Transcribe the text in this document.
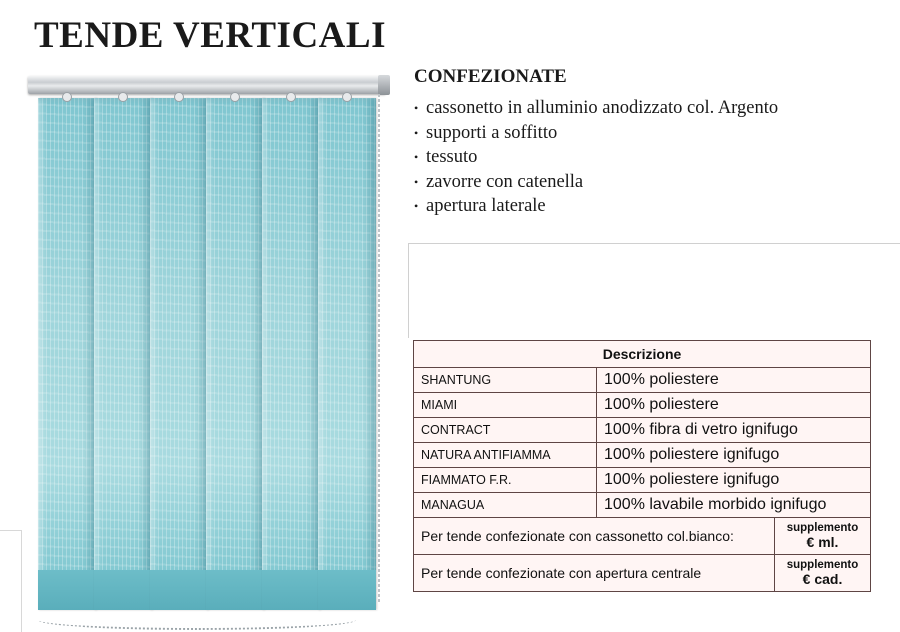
TENDE VERTICALI
CONFEZIONATE
• cassonetto in alluminio anodizzato col. Argento
• supporti a soffitto
• tessuto
• zavorre con catenella
• apertura laterale
Descrizione		
SHANTUNG	100% poliestere	
MIAMI	100% poliestere	
CONTRACT	100% fibra di vetro ignifugo	
NATURA ANTIFIAMMA	100% poliestere ignifugo	
FIAMMATO F.R.	100% poliestere ignifugo	
MANAGUA	100% lavabile morbido ignifugo	
Per tende confezionate con cassonetto col.bianco:		supplemento
€ ml.

Per tende confezionate con apertura centrale		supplemento
€ cad.
